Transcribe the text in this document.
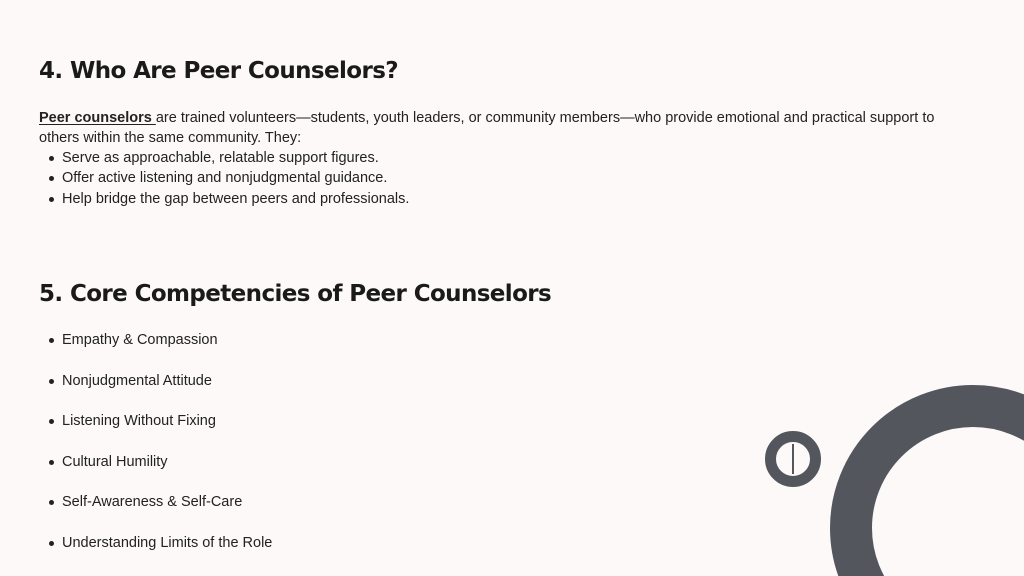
4. Who Are Peer Counselors?

Peer counselors are trained volunteers—students, youth leaders, or community members—who provide emotional and practical support to others within the same community. They:

Serve as approachable, relatable support figures.
Offer active listening and nonjudgmental guidance.
Help bridge the gap between peers and professionals.
5. Core Competencies of Peer Counselors
Empathy & Compassion
Nonjudgmental Attitude
Listening Without Fixing
Cultural Humility
Self-Awareness & Self-Care
Understanding Limits of the Role
